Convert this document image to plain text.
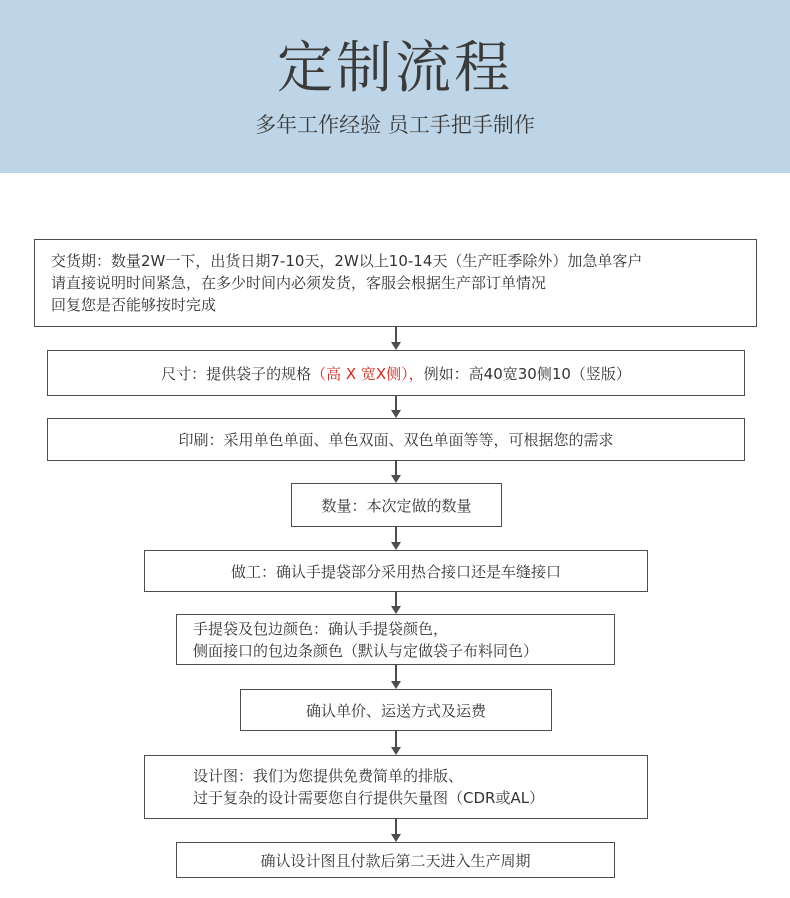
定制流程
多年工作经验 员工手把手制作
交货期：数量2W一下，出货日期7-10天，2W以上10-14天（生产旺季除外）加急单客户
请直接说明时间紧急，在多少时间内必须发货，客服会根据生产部订单情况
回复您是否能够按时完成
尺寸：提供袋子的规格 （高 X 宽X侧）， 例如：高40宽30侧10（竖版）
印刷：采用单色单面、单色双面、双色单面等等，可根据您的需求
数量：本次定做的数量
做工：确认手提袋部分采用热合接口还是车缝接口
手提袋及包边颜色：确认手提袋颜色，
侧面接口的包边条颜色（默认与定做袋子布料同色）
确认单价、运送方式及运费
设计图：我们为您提供免费简单的排版、
过于复杂的设计需要您自行提供矢量图（CDR或AL）
确认设计图且付款后第二天进入生产周期
